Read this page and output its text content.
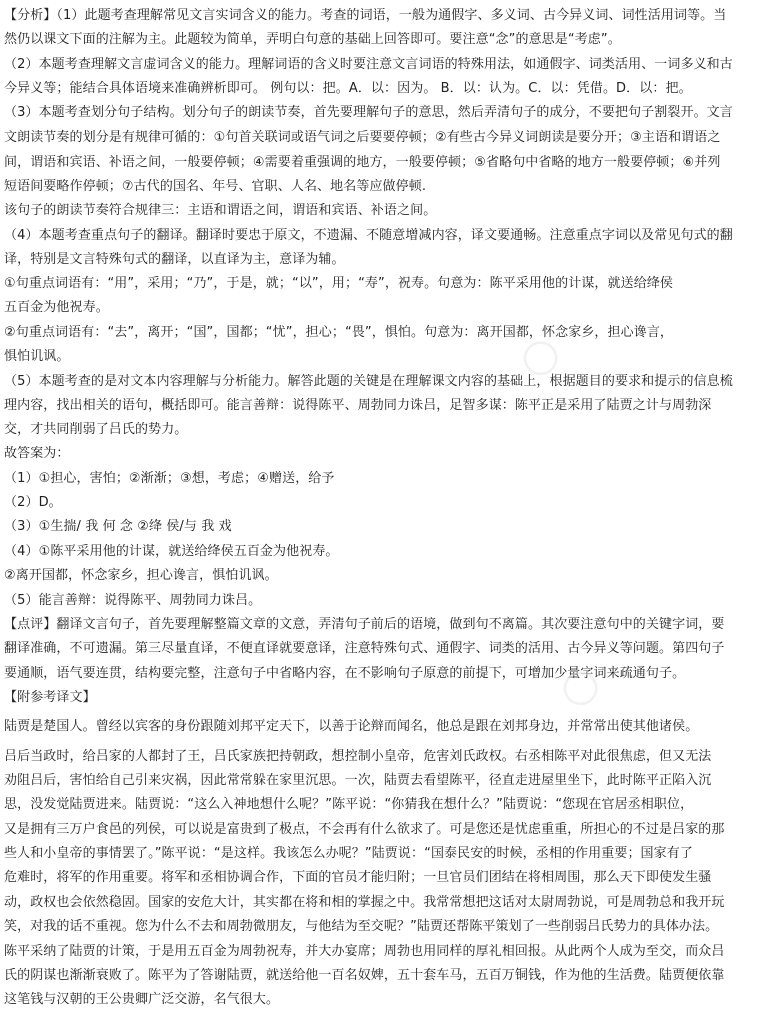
【分析】（1）此题考查理解常见文言实词含义的能力。考查的词语，一般为通假字、多义词、古今异义词、词性活用词等。当
然仍以课文下面的注解为主。此题较为简单，弄明白句意的基础上回答即可。要注意“念”的意思是“考虑”。
（2）本题考查理解文言虚词含义的能力。理解词语的含义时要注意文言词语的特殊用法，如通假字、词类活用、一词多义和古
今异义等；能结合具体语境来准确辨析即可。 例句以：把。A．以：因为。 B．以：认为。C．以：凭借。D．以：把。
（3）本题考查划分句子结构。划分句子的朗读节奏，首先要理解句子的意思，然后弄清句子的成分，不要把句子割裂开。文言
文朗读节奏的划分是有规律可循的：①句首关联词或语气词之后要要停顿；②有些古今异义词朗读是要分开；③主语和谓语之
间，谓语和宾语、补语之间，一般要停顿；④需要着重强调的地方，一般要停顿；⑤省略句中省略的地方一般要停顿；⑥并列
短语间要略作停顿；⑦古代的国名、年号、官职、人名、地名等应做停顿.
该句子的朗读节奏符合规律三：主语和谓语之间，谓语和宾语、补语之间。
（4）本题考查重点句子的翻译。翻译时要忠于原文，不遗漏、不随意增减内容，译文要通畅。注意重点字词以及常见句式的翻
译，特别是文言特殊句式的翻译，以直译为主，意译为辅。
①句重点词语有：“用”，采用；“乃”，于是，就；“以”，用；“寿”，祝寿。句意为：陈平采用他的计谋，就送给绛侯
五百金为他祝寿。
②句重点词语有：“去”，离开；“国”，国都；“忧”，担心；“畏”，惧怕。句意为：离开国都，怀念家乡，担心谗言，
惧怕讥讽。
（5）本题考查的是对文本内容理解与分析能力。解答此题的关键是在理解课文内容的基础上，根据题目的要求和提示的信息梳
理内容，找出相关的语句，概括即可。能言善辩：说得陈平、周勃同力诛吕，足智多谋：陈平正是采用了陆贾之计与周勃深
交，才共同削弱了吕氏的势力。
故答案为：
（1）①担心，害怕；②渐渐；③想，考虑；④赠送，给予
（2）D。
（3）①生揣/ 我 何 念 ②绛 侯/与 我 戏
（4）①陈平采用他的计谋，就送给绛侯五百金为他祝寿。
②离开国都，怀念家乡，担心谗言，惧怕讥讽。
（5）能言善辩：说得陈平、周勃同力诛吕。
【点评】翻译文言句子，首先要理解整篇文章的文意，弄清句子前后的语境，做到句不离篇。其次要注意句中的关键字词，要
翻译准确，不可遗漏。第三尽量直译，不便直译就要意译，注意特殊句式、通假字、词类的活用、古今异义等问题。第四句子
要通顺，语气要连贯，结构要完整，注意句子中省略内容，在不影响句子原意的前提下，可增加少量字词来疏通句子。
【附参考译文】
陆贾是楚国人。曾经以宾客的身份跟随刘邦平定天下，以善于论辩而闻名，他总是跟在刘邦身边，并常常出使其他诸侯。
吕后当政时，给吕家的人都封了王，吕氏家族把持朝政，想控制小皇帝，危害刘氏政权。右丞相陈平对此很焦虑，但又无法
劝阻吕后，害怕给自己引来灾祸，因此常常躲在家里沉思。一次，陆贾去看望陈平，径直走进屋里坐下，此时陈平正陷入沉
思，没发觉陆贾进来。陆贾说：“这么入神地想什么呢？”陈平说：“你猜我在想什么？”陆贾说：“您现在官居丞相职位，
又是拥有三万户食邑的列侯，可以说是富贵到了极点，不会再有什么欲求了。可是您还是忧虑重重，所担心的不过是吕家的那
些人和小皇帝的事情罢了。”陈平说：“是这样。我该怎么办呢？”陆贾说：“国泰民安的时候，丞相的作用重要；国家有了
危难时，将军的作用重要。将军和丞相协调合作，下面的官员才能归附；一旦官员们团结在将相周围，那么天下即使发生骚
动，政权也会依然稳固。国家的安危大计，其实都在将和相的掌握之中。我常常想把这话对太尉周勃说，可是周勃总和我开玩
笑，对我的话不重视。您为什么不去和周勃微朋友，与他结为至交呢？”陆贾还帮陈平策划了一些削弱吕氏势力的具体办法。
陈平采纳了陆贾的计策，于是用五百金为周勃祝寿，并大办宴席；周勃也用同样的厚礼相回报。从此两个人成为至交，而众吕
氏的阴谋也渐渐衰败了。陈平为了答谢陆贾，就送给他一百名奴婢，五十套车马，五百万铜钱，作为他的生活费。陆贾便依靠
这笔钱与汉朝的王公贵卿广泛交游，名气很大。
○
○
